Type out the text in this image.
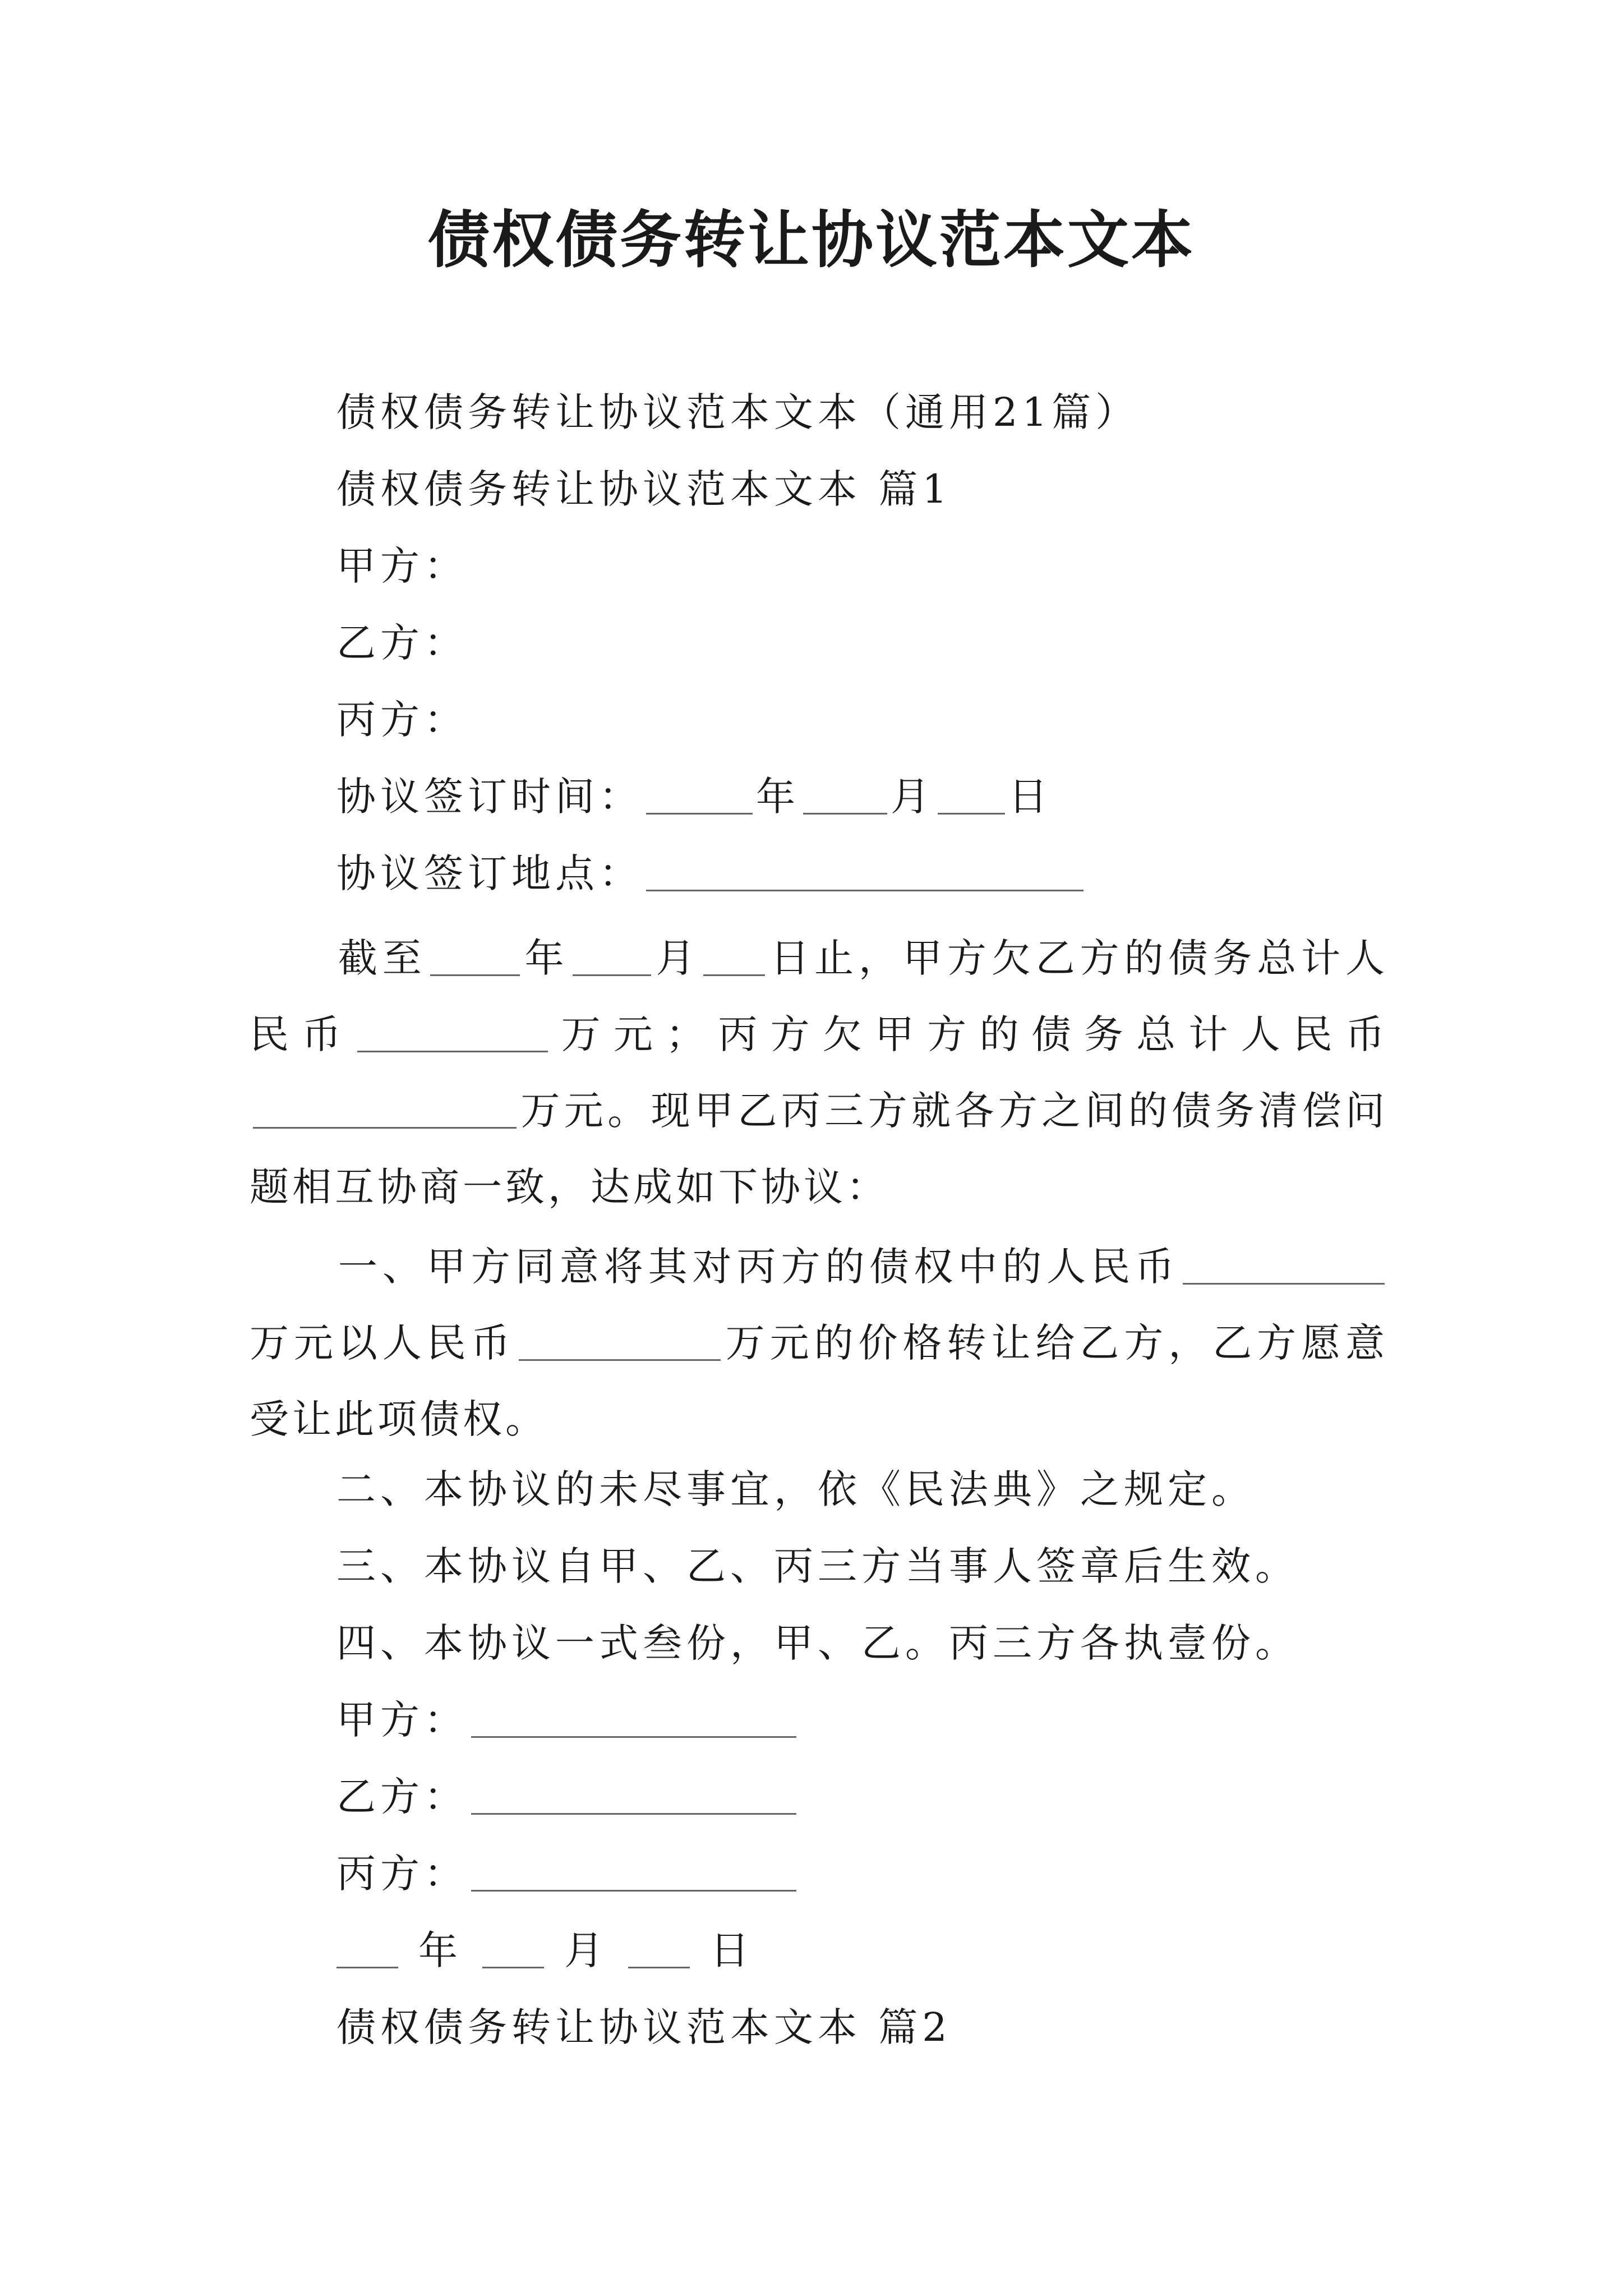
债权债务转让协议范本文本
债权债务转让协议范本文本（通用21篇）
债权债务转让协议范本文本 篇1
甲方：
乙方：
丙方：
协议签订时间：	年 月 日
协议签订地点：
截至 年 月 日止，甲方欠乙方的债务总计人民币	万元；丙方欠甲方的债务总计人民币万元。现甲乙丙三方就各方之间的债务清偿问题相互协商一致，达成如下协议：
一、甲方同意将其对丙方的债权中的人民币万元以人民币	万元的价格转让给乙方，乙方愿意受让此项债权。
二、本协议的未尽事宜，依《民法典》之规定。
三、本协议自甲、乙、丙三方当事人签章后生效。
四、本协议一式叁份，甲、乙。丙三方各执壹份。
甲方：
乙方：
丙方：
年	月	日
债权债务转让协议范本文本 篇2
